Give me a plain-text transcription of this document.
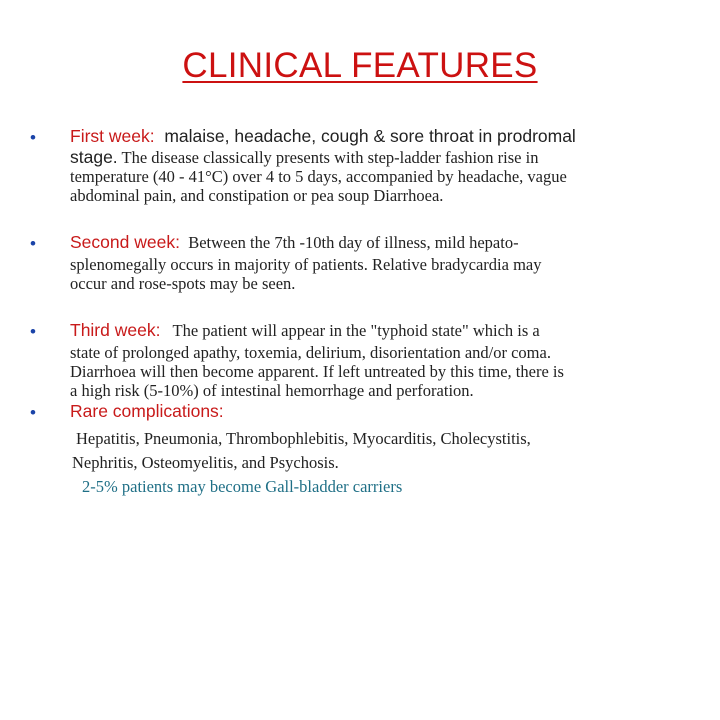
CLINICAL FEATURES
• First week:  malaise, headache, cough & sore throat in prodromal
stage. The disease classically presents with step-ladder fashion rise in
temperature (40 - 41°C) over 4 to 5 days, accompanied by headache, vague
abdominal pain, and constipation or pea soup Diarrhoea.
• Second week:  Between the 7th -10th day of illness, mild hepato-
splenomegally occurs in majority of patients. Relative bradycardia may
occur and rose-spots may be seen.
• Third week:   The patient will appear in the "typhoid state" which is a
state of prolonged apathy, toxemia, delirium, disorientation and/or coma.
Diarrhoea will then become apparent. If left untreated by this time, there is
a high risk (5-10%) of intestinal hemorrhage and perforation.
• Rare complications:
Hepatitis, Pneumonia, Thrombophlebitis, Myocarditis, Cholecystitis,
Nephritis, Osteomyelitis, and Psychosis.
2-5% patients may become Gall-bladder carriers
